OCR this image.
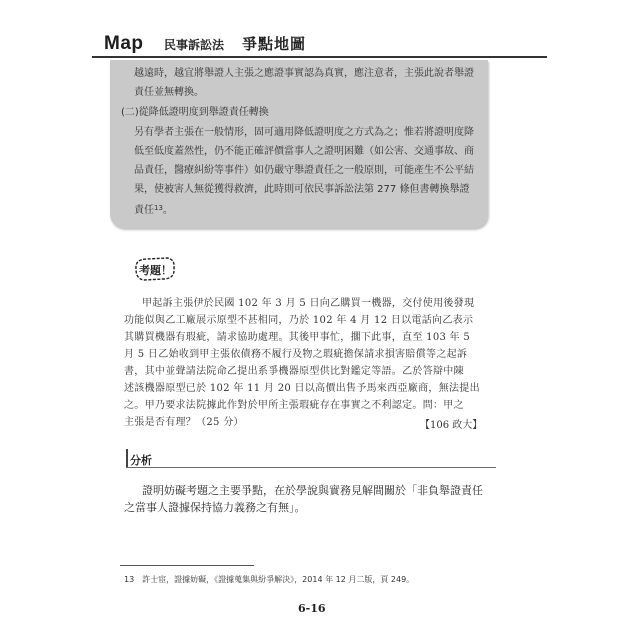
Map 民事訴訟法 爭點地圖
越遠時，越宜將舉證人主張之應證事實認為真實，應注意者，主張此說者舉證
責任並無轉換。
(二)從降低證明度到舉證責任轉換
另有學者主張在一般情形，固可適用降低證明度之方式為之；惟若將證明度降
低至低度蓋然性，仍不能正確評價當事人之證明困難（如公害、交通事故、商
品責任，醫療糾紛等事件）如仍嚴守舉證責任之一般原則，可能產生不公平結
果，使被害人無從獲得救濟，此時則可依民事訴訟法第 277 條但書轉換舉證
責任$^{13}$。
考題！
甲起訴主張伊於民國 102 年 3 月 5 日向乙購買一機器，交付使用後發現
功能似與乙工廠展示原型不甚相同，乃於 102 年 4 月 12 日以電話向乙表示
其購買機器有瑕疵，請求協助處理。其後甲事忙，擱下此事，直至 103 年 5
月 5 日乙始收到甲主張依債務不履行及物之瑕疵擔保請求損害賠償等之起訴
書，其中並聲請法院命乙提出系爭機器原型供比對鑑定等語。乙於答辯中陳
述該機器原型已於 102 年 11 月 20 日以高價出售予馬來西亞廠商，無法提出
之。甲乃要求法院據此作對於甲所主張瑕疵存在事實之不利認定。問：甲之
主張是否有理？（25 分）	【106 政大】
分析
證明妨礙考題之主要爭點，在於學說與實務見解間關於「非負舉證責任
之當事人證據保持協力義務之有無」。
13　許士宦，證據妨礙，《證據蒐集與紛爭解決》，2014 年 12 月二版，頁 249。
6-16
